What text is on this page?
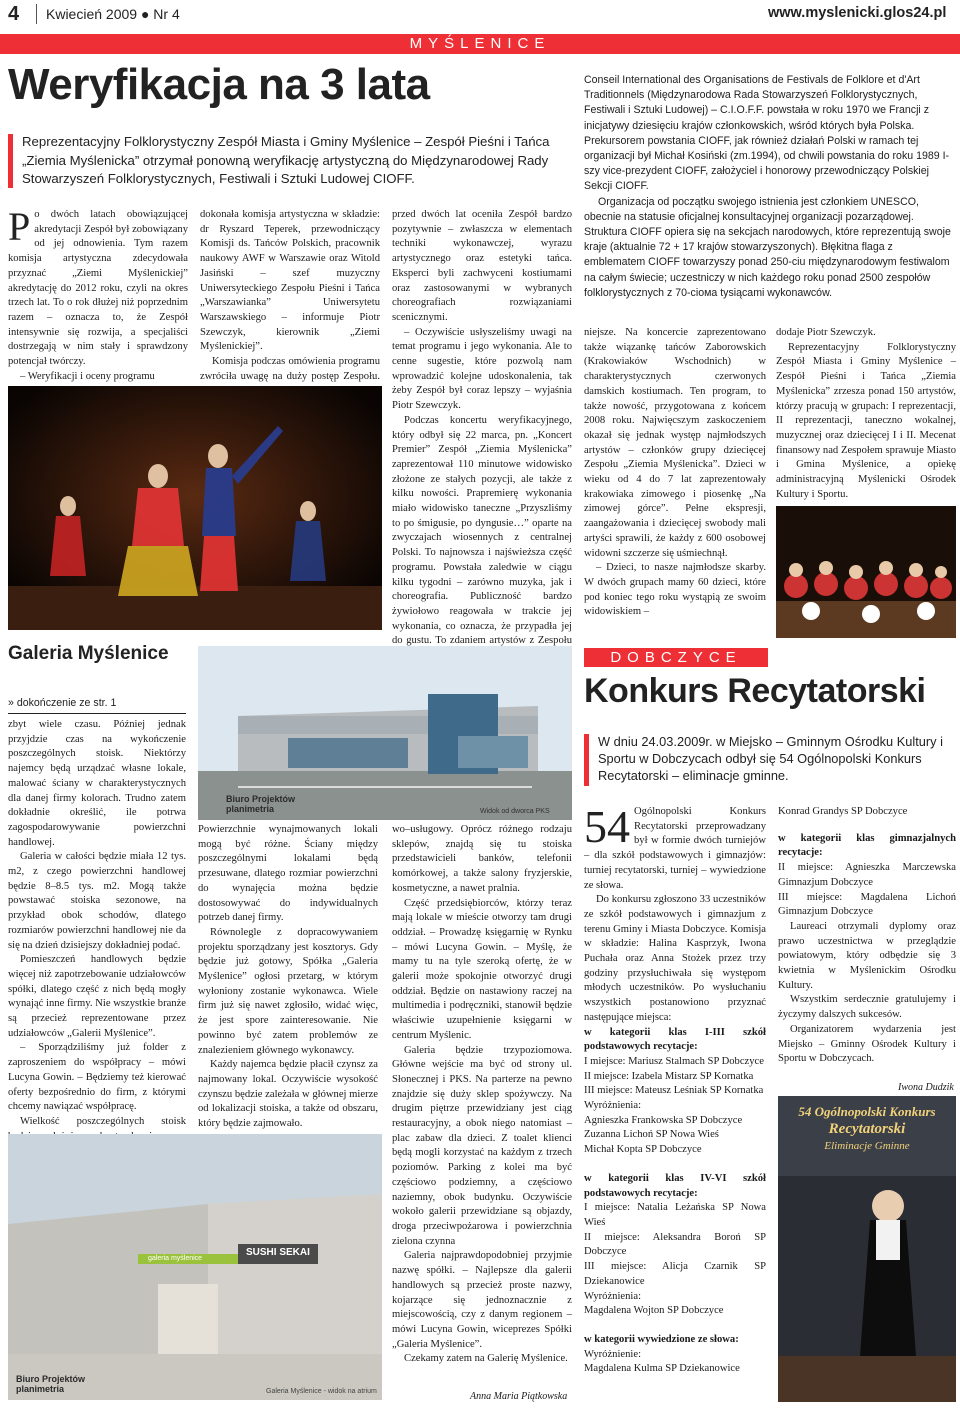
4	Kwiecień 2009 ● Nr 4	www.myslenicki.glos24.pl
MYŚLENICE
Weryfikacja na 3 lata
Reprezentacyjny Folklorystyczny Zespół Miasta i Gminy Myślenice – Zespół Pieśni i Tańca „Ziemia Myślenicka” otrzymał ponowną weryfikację artystyczną do Międzynarodowej Rady Stowarzyszeń Folklorystycznych, Festiwali i Sztuki Ludowej CIOFF.
P o dwóch latach obowiązującej akredytacji Zespół był zobowiązany od jej odnowienia. Tym razem komisja artystyczna zdecydowała przyznać „Ziemi Myślenickiej” akredytację do 2012 roku, czyli na okres trzech lat. To o rok dłużej niż poprzednim razem – oznacza to, że Zespół intensywnie się rozwija, a specjaliści dostrzegają w nim stały i sprawdzony potencjał twórczy.

– Weryfikacji i oceny programu

dokonała komisja artystyczna w składzie: dr Ryszard Teperek, przewodniczący Komisji ds. Tańców Polskich, pracownik naukowy AWF w Warszawie oraz Witold Jasiński – szef muzyczny Uniwersyteckiego Zespołu Pieśni i Tańca „Warszawianka” Uniwersytetu Warszawskiego – informuje Piotr Szewczyk, kierownik „Ziemi Myślenickiej”.

Komisja podczas omówienia programu zwróciła uwagę na duży postęp Zespołu.

przed dwóch lat oceniła Zespół bardzo pozytywnie – zwłaszcza w elementach techniki wykonawczej, wyrazu artystycznego oraz estetyki tańca. Eksperci byli zachwyceni kostiumami oraz zastosowanymi w wybranych choreografiach rozwiązaniami scenicznymi.

– Oczywiście usłyszeliśmy uwagi na temat programu i jego wykonania. Ale to cenne sugestie, które pozwolą nam wprowadzić kolejne udoskonalenia, tak żeby Zespół był coraz lepszy – wyjaśnia Piotr Szewczyk.

Podczas koncertu weryfikacyjnego, który odbył się 22 marca, pn. „Koncert Premier” Zespół „Ziemia Myślenicka” zaprezentował 110 minutowe widowisko złożone ze stałych pozycji, ale także z kilku nowości. Prapremierę wykonania miało widowisko taneczne „Przyszliśmy to po śmigusie, po dyngusie…” oparte na zwyczajach wiosennych z centralnej Polski. To najnowsza i najświeższa część programu. Powstała zaledwie w ciągu kilku tygodni – zarówno muzyka, jak i choreografia. Publiczność bardzo żywiołowo reagowała w trakcie jej wykonania, co oznacza, że przypadła jej do gustu. To zdaniem artystów z Zespołu

Conseil International des Organisations de Festivals de Folklore et d'Art Traditionnels (Międzynarodowa Rada Stowarzyszeń Folklorystycznych, Festiwali i Sztuki Ludowej) – C.I.O.F.F. powstała w roku 1970 we Francji z inicjatywy dziesięciu krajów członkowskich, wśród których była Polska. Prekursorem powstania CIOFF, jak również działań Polski w ramach tej organizacji był Michał Kosiński (zm.1994), od chwili powstania do roku 1989 I-szy vice-prezydent CIOFF, założyciel i honorowy przewodniczący Polskiej Sekcji CIOFF.

Organizacja od początku swojego istnienia jest członkiem UNESCO, obecnie na statusie oficjalnej konsultacyjnej organizacji pozarządowej. Struktura CIOFF opiera się na sekcjach narodowych, które reprezentują swoje kraje (aktualnie 72 + 17 krajów stowarzyszonych). Błękitna flaga z emblematem CIOFF towarzyszy ponad 250-ciu międzynarodowym festiwalom na całym świecie; uczestniczy w nich każdego roku ponad 2500 zespołów folklorystycznych z 70-ciома tysiącami wykonawców.

niejsze. Na koncercie zaprezentowano także wiązankę tańców Zaborowskich (Krakowiaków Wschodnich) w charakterystycznych czerwonych damskich kostiumach. Ten program, to także nowość, przygotowana z końcem 2008 roku. Najwięcszym zaskoczeniem okazał się jednak występ najmłodszych artystów – członków grupy dziecięcej Zespołu „Ziemia Myślenicka”. Dzieci w wieku od 4 do 7 lat zaprezentowały krakowiaka zimowego i piosenkę „Na zimowej górce”. Pełne ekspresji, zaangażowania i dziecięcej swobody mali artyści sprawili, że każdy z 600 osobowej widowni szczerze się uśmiechnął.

– Dzieci, to nasze najmłodsze skarby. W dwóch grupach mamy 60 dzieci, które pod koniec tego roku wystąpią ze swoim widowiskiem –

dodaje Piotr Szewczyk.

Reprezentacyjny Folklorystyczny Zespół Miasta i Gminy Myślenice – Zespół Pieśni i Tańca „Ziemia Myślenicka” zrzesza ponad 150 artystów, którzy pracują w grupach: I reprezentacji, II reprezentacji, taneczno wokalnej, muzycznej oraz dziecięcej I i II. Mecenat finansowy nad Zespołem sprawuje Miasto i Gmina Myślenice, a opiekę administracyjną Myślenicki Ośrodek Kultury i Sportu.

Galeria Myślenice
» dokończenie ze str. 1

zbyt wiele czasu. Później jednak przyjdzie czas na wykończenie poszczególnych stoisk. Niektórzy najemcy będą urządzać własne lokale, malować ściany w charakterystycznych dla danej firmy kolorach. Trudno zatem dokładnie określić, ile potrwa zagospodarowywanie powierzchni handlowej.

Galeria w całości będzie miała 12 tys. m2, z czego powierzchni handlowej będzie 8–8.5 tys. m2. Mogą także powstawać stoiska sezonowe, na przykład obok schodów, dlatego rozmiarów powierzchni handlowej nie da się na dzień dzisiejszy dokładniej podać.

Pomieszczeń handlowych będzie więcej niż zapotrzebowanie udziałowców spółki, dlatego część z nich będą mogły wynająć inne firmy. Nie wszystkie branże są przecież reprezentowane przez udziałowców „Galerii Myślenice”.

– Sporządziliśmy już folder z zaproszeniem do współpracy – mówi Lucyna Gowin. – Będziemy też kierować oferty bezpośrednio do firm, z którymi chcemy nawiązać współpracę.

Wielkość poszczególnych stoisk

Widok od dworca PKS
Biuro Projektów planimetria

Powierzchnie wynajmowanych lokali mogą być różne. Ściany między poszczególnymi lokalami będą przesuwane, dlatego rozmiar powierzchni do wynajęcia można będzie dostosowywać do indywidualnych potrzeb danej firmy.

Równolegle z dopracowywaniem projektu sporządzany jest kosztorys. Gdy będzie już gotowy, Spółka „Galeria Myślenice” ogłosi przetarg, w którym wyłoniony zostanie wykonawca. Wiele firm już się nawet zgłosiło, widać więc, że jest spore zainteresowanie. Nie powinno być zatem problemów ze znalezieniem głównego wykonawcy.

Każdy najemca będzie płacił czynsz za najmowany lokal. Oczywiście wysokość czynszu będzie zależała w głównej mierze od lokalizacji stoiska, a także od obszaru, który będzie zajmowało.

wo–usługowy. Oprócz różnego rodzaju sklepów, znajdą się tu stoiska przedstawicieli banków, telefonii komórkowej, a także salony fryzjerskie, kosmetyczne, a nawet pralnia.

Część przedsiębiorców, którzy teraz mają lokale w mieście otworzy tam drugi oddział. – Prowadzę księgarnię w Rynku – mówi Lucyna Gowin. – Myślę, że mamy tu na tyle szeroką ofertę, że w galerii może spokojnie otworzyć drugi oddział. Będzie on nastawiony raczej na multimedia i podręczniki, stanowił będzie właściwie uzupełnienie księgarni w centrum Myślenic.

Galeria będzie trzypoziomowa. Główne wejście ma być od strony ul. Słonecznej i PKS. Na parterze na pewno znajdzie się duży sklep spożywczy. Na drugim piętrze przewidziany jest ciąg restauracyjny, a obok niego natomiast – plac zabaw dla dzieci. Z toalet klienci będą mogli korzystać na każdym z trzech poziomów. Parking z kolei ma być częściowo podziemny, a częściowo naziemny, obok budynku. Oczywiście wokoło galerii przewidziane są objazdy, droga przeciwpożarowa i powierzchnia zielona czynna

Galeria najprawdopodobniej przyjmie nazwę spółki. – Najlepsze dla galerii handlowych są przecież proste nazwy, kojarzące się jednoznacznie z miejscowością, czy z danym regionem – mówi Lucyna Gowin, wiceprezes Spółki „Galeria Myślenice”.

Czekamy zatem na Galerię Myślenice.

Anna Maria Piątkowska
SUSHI SEKAI
galeria myślenice
Biuro Projektów planimetria	Galeria Myślenice - widok na atrium
DOBCZYCE
Konkurs Recytatorski
W dniu 24.03.2009r. w Miejsko – Gminnym Ośrodku Kultury i Sportu w Dobczycach odbył się 54 Ogólnopolski Konkurs Recytatorski – eliminacje gminne.
54 Ogólnopolski Konkurs Recytatorski przeprowadzany był w formie dwóch turniejów – dla szkół podstawowych i gimnazjów: turniej recytatorski, turniej – wywiedzione ze słowa.

Do konkursu zgłoszono 33 uczestników ze szkół podstawowych i gimnazjum z terenu Gminy i Miasta Dobczyce. Komisja w składzie: Halina Kasprzyk, Iwona Puchała oraz Anna Stożek przez trzy godziny przysłuchiwała się występom młodych uczestników. Po wysłuchaniu wszystkich postanowiono przyznać następujące miejsca:

w kategorii klas I-III szkół podstawowych recytacje:

I miejsce: Mariusz Stalmach SP Dobczyce

II miejsce: Izabela Mistarz SP Kornatka

III miejsce: Mateusz Leśniak SP Kornatka

Wyróżnienia:

Agnieszka Frankowska SP Dobczyce

Zuzanna Lichoń SP Nowa Wieś

Michał Kopta SP Dobczyce

w kategorii klas IV-VI szkół podstawowych recytacje:

I miejsce: Natalia Leżańska SP Nowa Wieś

II miejsce: Aleksandra Boroń SP Dobczyce

III miejsce: Alicja Czarnik SP Dziekanowice

Wyróżnienia:

Magdalena Wojton SP Dobczyce

w kategorii wywiedzione ze słowa:

Wyróżnienie:

Magdalena Kulma SP Dziekanowice

Konrad Grandys SP Dobczyce

w kategorii klas gimnazjalnych recytacje:

II miejsce: Agnieszka Marczewska Gimnazjum Dobczyce

III miejsce: Magdalena Lichoń Gimnazjum Dobczyce

Laureaci otrzymali dyplomy oraz prawo uczestnictwa w przeglądzie powiatowym, który odbędzie się 3 kwietnia w Myślenickim Ośrodku Kultury.

Wszystkim serdecznie gratulujemy i życzymy dalszych sukcesów.

Organizatorem wydarzenia jest Miejsko – Gminny Ośrodek Kultury i Sportu w Dobczycach.

Iwona Dudzik
54 Ogólnopolski Konkurs
Recytatorski
Eliminacje Gminne
